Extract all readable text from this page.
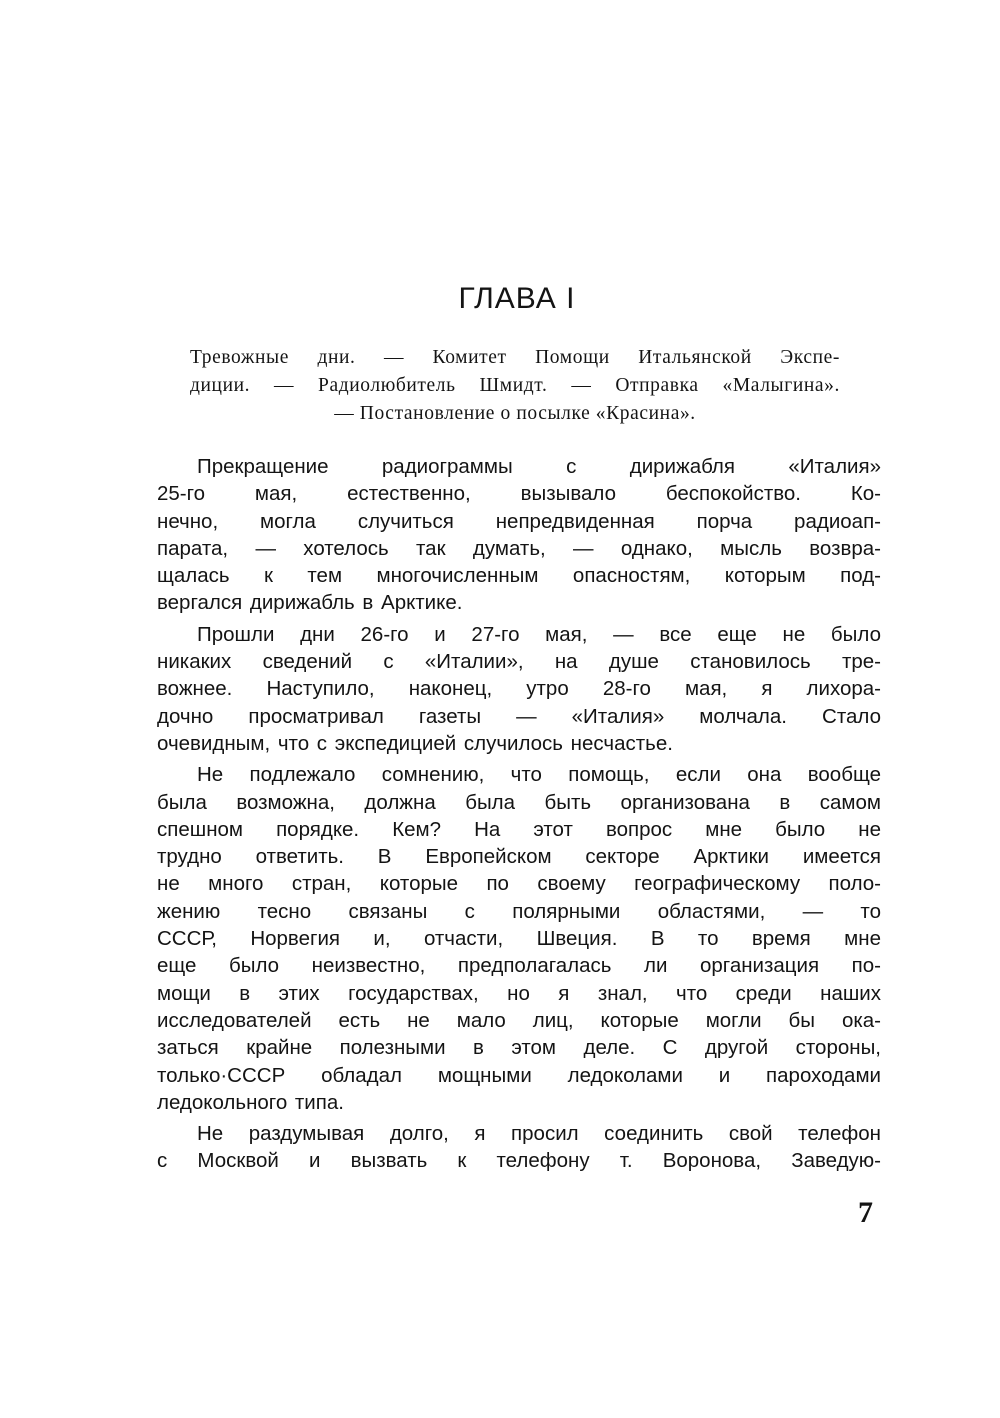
ГЛАВА I
Тревожные дни. — Комитет Помощи Итальянской Экспе-
диции. — Радиолюбитель Шмидт. — Отправка «Малыгина».
— Постановление о посылке «Красина».
Прекращение радиограммы с дирижабля «Италия»
25-го мая, естественно, вызывало беспокойство. Ко-
нечно, могла случиться непредвиденная порча радиоап-
парата, — хотелось так думать, — однако, мысль возвра-
щалась к тем многочисленным опасностям, которым под-
вергался дирижабль в Арктике.
Прошли дни 26-го и 27-го мая, — все еще не было
никаких сведений с «Италии», на душе становилось тре-
вожнее. Наступило, наконец, утро 28-го мая, я лихора-
дочно просматривал газеты — «Италия» молчала. Стало
очевидным, что с экспедицией случилось несчастье.
Не подлежало сомнению, что помощь, если она вообще
была возможна, должна была быть организована в самом
спешном порядке. Кем? На этот вопрос мне было не
трудно ответить. В Европейском секторе Арктики имеется
не много стран, которые по своему географическому поло-
жению тесно связаны с полярными областями, — то
СССР, Норвегия и, отчасти, Швеция. В то время мне
еще было неизвестно, предполагалась ли организация по-
мощи в этих государствах, но я знал, что среди наших
исследователей есть не мало лиц, которые могли бы ока-
заться крайне полезными в этом деле. С другой стороны,
только·СССР обладал мощными ледоколами и пароходами
ледокольного типа.
Не раздумывая долго, я просил соединить свой телефон
с Москвой и вызвать к телефону т. Воронова, Заведую-
7
